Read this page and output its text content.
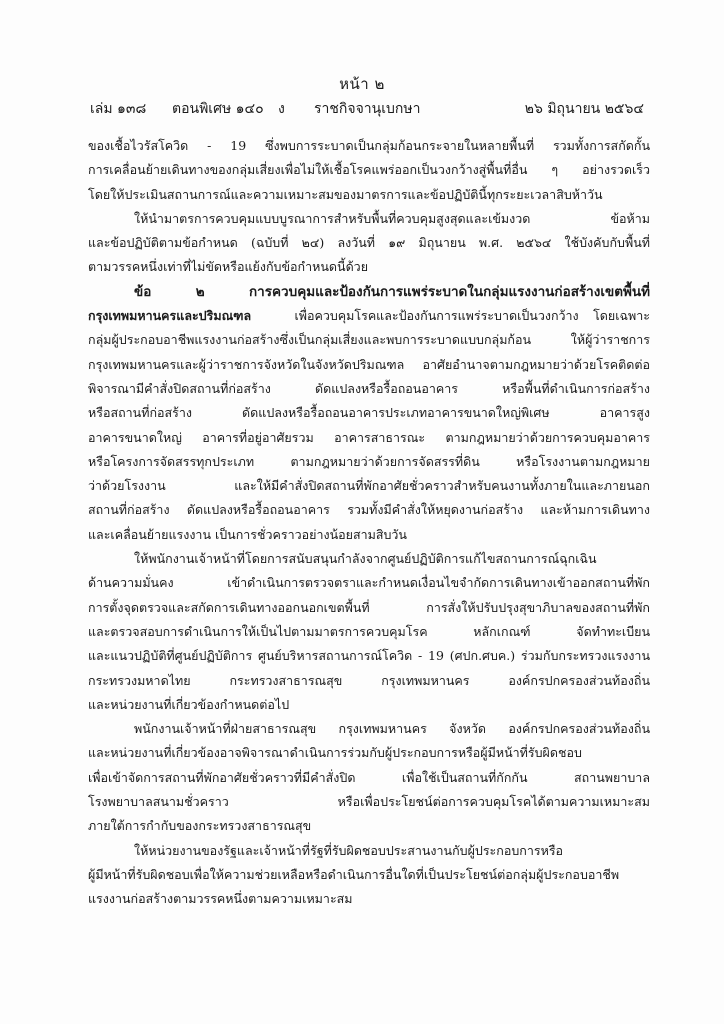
หน้า ๒
เล่ม ๑๓๘ ตอนพิเศษ ๑๔๐ ง ราชกิจจานุเบกษา	๒๖ มิถุนายน ๒๕๖๔
ของเชื้อไวรัสโควิด - 19 ซึ่งพบการระบาดเป็นกลุ่มก้อนกระจายในหลายพื้นที่ รวมทั้งการสกัดกั้น
การเคลื่อนย้ายเดินทางของกลุ่มเสี่ยงเพื่อไม่ให้เชื้อโรคแพร่ออกเป็นวงกว้างสู่พื้นที่อื่น ๆ อย่างรวดเร็ว
โดยให้ประเมินสถานการณ์และความเหมาะสมของมาตรการและข้อปฏิบัตินี้ทุกระยะเวลาสิบห้าวัน
ให้นำมาตรการควบคุมแบบบูรณาการสำหรับพื้นที่ควบคุมสูงสุดและเข้มงวด ข้อห้าม
และข้อปฏิบัติตามข้อกำหนด (ฉบับที่ ๒๔) ลงวันที่ ๑๙ มิถุนายน พ.ศ. ๒๕๖๔ ใช้บังคับกับพื้นที่
ตามวรรคหนึ่งเท่าที่ไม่ขัดหรือแย้งกับข้อกำหนดนี้ด้วย
ข้อ ๒ การควบคุมและป้องกันการแพร่ระบาดในกลุ่มแรงงานก่อสร้างเขตพื้นที่
กรุงเทพมหานครและปริมณฑล	เพื่อควบคุมโรคและป้องกันการแพร่ระบาดเป็นวงกว้าง โดยเฉพาะ
กลุ่มผู้ประกอบอาชีพแรงงานก่อสร้างซึ่งเป็นกลุ่มเสี่ยงและพบการระบาดแบบกลุ่มก้อน ให้ผู้ว่าราชการ
กรุงเทพมหานครและผู้ว่าราชการจังหวัดในจังหวัดปริมณฑล อาศัยอำนาจตามกฎหมายว่าด้วยโรคติดต่อ
พิจารณามีคำสั่งปิดสถานที่ก่อสร้าง ดัดแปลงหรือรื้อถอนอาคาร หรือพื้นที่ดำเนินการก่อสร้าง
หรือสถานที่ก่อสร้าง ดัดแปลงหรือรื้อถอนอาคารประเภทอาคารขนาดใหญ่พิเศษ อาคารสูง
อาคารขนาดใหญ่ อาคารที่อยู่อาศัยรวม อาคารสาธารณะ ตามกฎหมายว่าด้วยการควบคุมอาคาร
หรือโครงการจัดสรรทุกประเภท ตามกฎหมายว่าด้วยการจัดสรรที่ดิน หรือโรงงานตามกฎหมาย
ว่าด้วยโรงงาน และให้มีคำสั่งปิดสถานที่พักอาศัยชั่วคราวสำหรับคนงานทั้งภายในและภายนอก
สถานที่ก่อสร้าง ดัดแปลงหรือรื้อถอนอาคาร รวมทั้งมีคำสั่งให้หยุดงานก่อสร้าง และห้ามการเดินทาง
และเคลื่อนย้ายแรงงาน เป็นการชั่วคราวอย่างน้อยสามสิบวัน
ให้พนักงานเจ้าหน้าที่โดยการสนับสนุนกำลังจากศูนย์ปฏิบัติการแก้ไขสถานการณ์ฉุกเฉิน
ด้านความมั่นคง เข้าดำเนินการตรวจตราและกำหนดเงื่อนไขจำกัดการเดินทางเข้าออกสถานที่พัก
การตั้งจุดตรวจและสกัดการเดินทางออกนอกเขตพื้นที่ การสั่งให้ปรับปรุงสุขาภิบาลของสถานที่พัก
และตรวจสอบการดำเนินการให้เป็นไปตามมาตรการควบคุมโรค หลักเกณฑ์ จัดทำทะเบียน
และแนวปฏิบัติที่ศูนย์ปฏิบัติการ ศูนย์บริหารสถานการณ์โควิด - 19 (ศปก.ศบค.) ร่วมกับกระทรวงแรงงาน
กระทรวงมหาดไทย กระทรวงสาธารณสุข กรุงเทพมหานคร องค์กรปกครองส่วนท้องถิ่น
และหน่วยงานที่เกี่ยวข้องกำหนดต่อไป
พนักงานเจ้าหน้าที่ฝ่ายสาธารณสุข กรุงเทพมหานคร จังหวัด องค์กรปกครองส่วนท้องถิ่น
และหน่วยงานที่เกี่ยวข้องอาจพิจารณาดำเนินการร่วมกับผู้ประกอบการหรือผู้มีหน้าที่รับผิดชอบ
เพื่อเข้าจัดการสถานที่พักอาศัยชั่วคราวที่มีคำสั่งปิด เพื่อใช้เป็นสถานที่กักกัน สถานพยาบาล
โรงพยาบาลสนามชั่วคราว หรือเพื่อประโยชน์ต่อการควบคุมโรคได้ตามความเหมาะสม
ภายใต้การกำกับของกระทรวงสาธารณสุข
ให้หน่วยงานของรัฐและเจ้าหน้าที่รัฐที่รับผิดชอบประสานงานกับผู้ประกอบการหรือ
ผู้มีหน้าที่รับผิดชอบเพื่อให้ความช่วยเหลือหรือดำเนินการอื่นใดที่เป็นประโยชน์ต่อกลุ่มผู้ประกอบอาชีพ
แรงงานก่อสร้างตามวรรคหนึ่งตามความเหมาะสม
